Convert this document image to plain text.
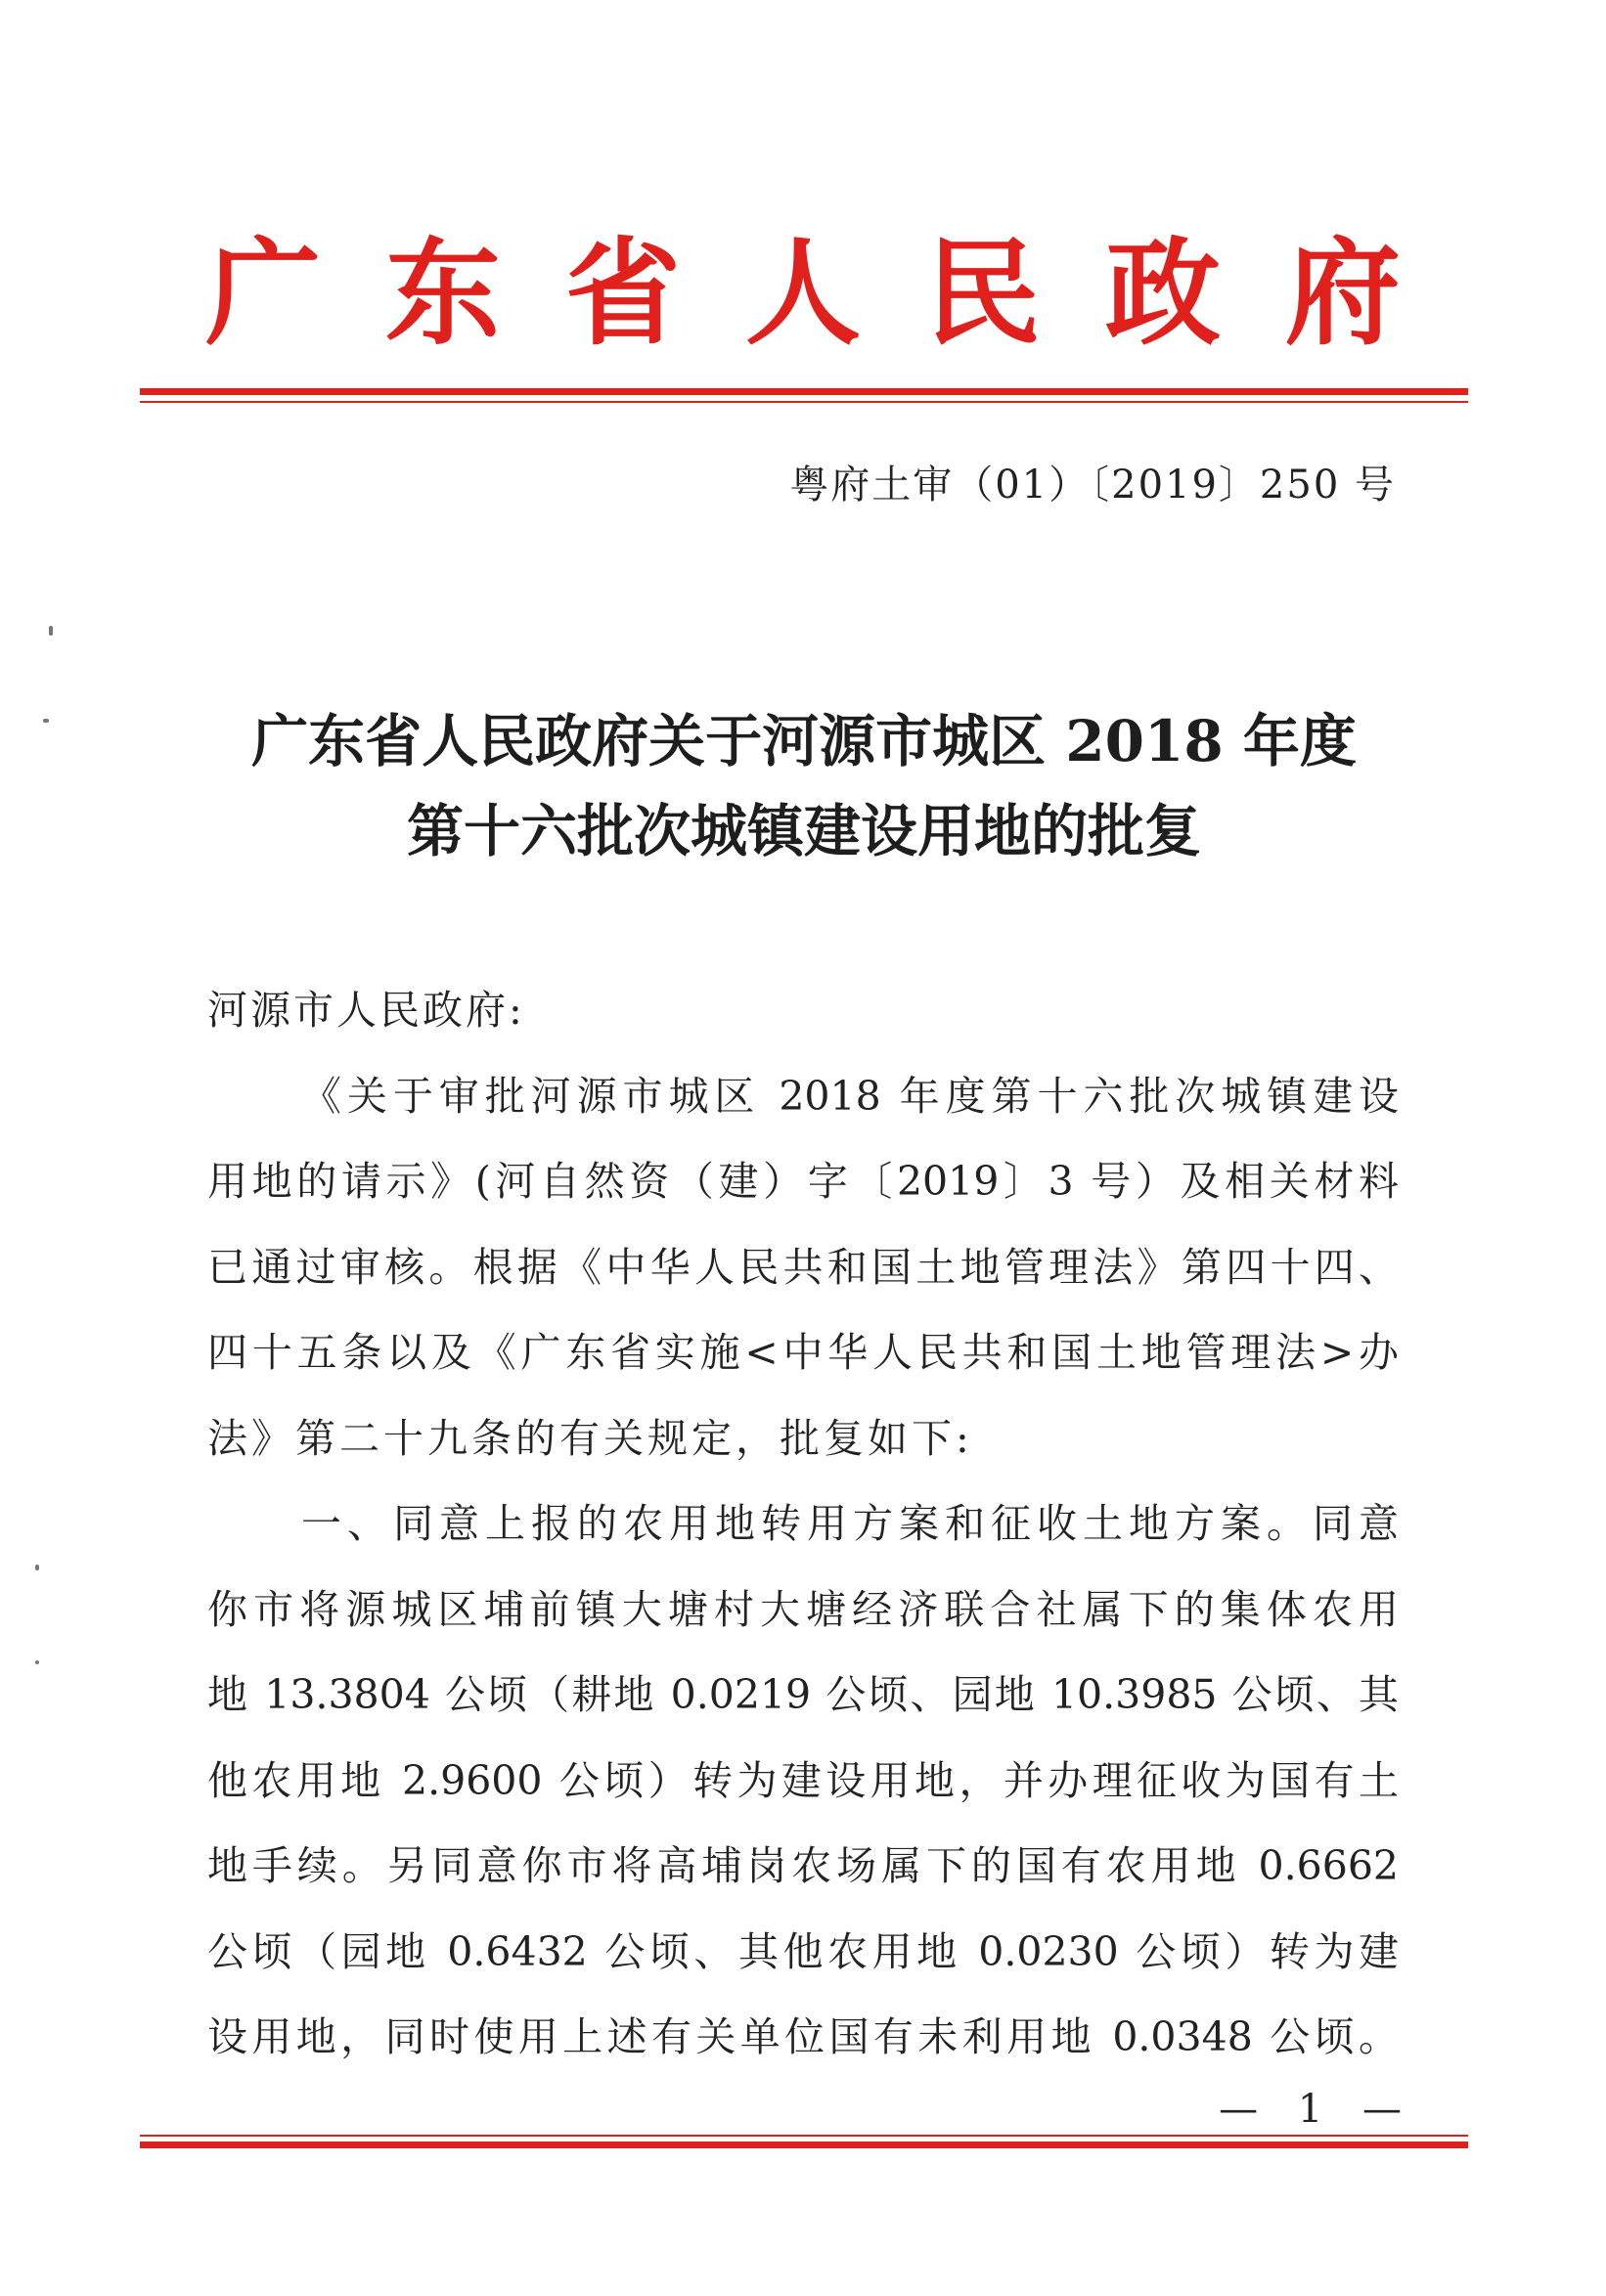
广 东 省 人 民 政 府
粤府土审（01）〔2019〕250 号
广东省人民政府关于河源市城区 2018 年度
第十六批次城镇建设用地的批复
河源市人民政府:
《关于审批河源市城区 2018 年度第十六批次城镇建设
用地的请示》(河自然资（建）字〔2019〕3 号）及相关材料
已通过审核。根据《中华人民共和国土地管理法》第四十四、
四十五条以及《广东省实施<中华人民共和国土地管理法>办
法》第二十九条的有关规定，批复如下:
一、同意上报的农用地转用方案和征收土地方案。同意
你市将源城区埔前镇大塘村大塘经济联合社属下的集体农用
地 13.3804 公顷（耕地 0.0219 公顷、园地 10.3985 公顷、其
他农用地 2.9600 公顷）转为建设用地，并办理征收为国有土
地手续。另同意你市将高埔岗农场属下的国有农用地 0.6662
公顷（园地 0.6432 公顷、其他农用地 0.0230 公顷）转为建
设用地，同时使用上述有关单位国有未利用地 0.0348 公顷。
— 1 —
